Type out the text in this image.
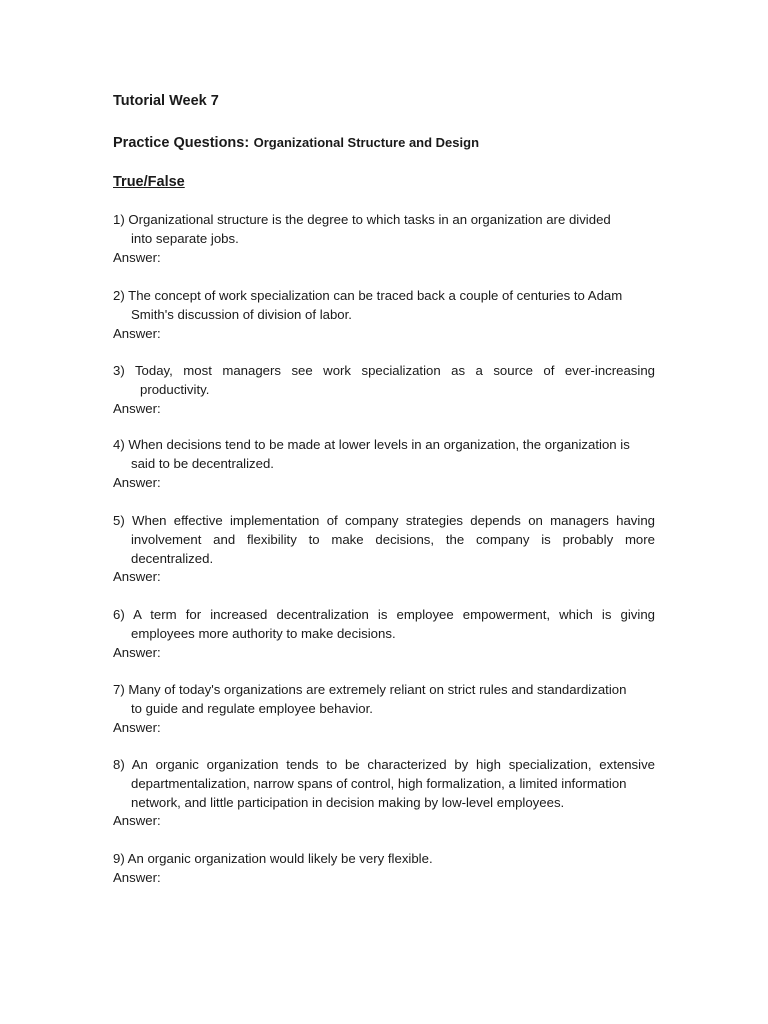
Tutorial Week 7
Practice Questions: Organizational Structure and Design
True/False
1) Organizational structure is the degree to which tasks in an organization are divided
into separate jobs.
Answer:
2) The concept of work specialization can be traced back a couple of centuries to Adam
Smith's discussion of division of labor.
Answer:
3) Today, most managers see work specialization as a source of ever-increasing
productivity.
Answer:
4) When decisions tend to be made at lower levels in an organization, the organization is
said to be decentralized.
Answer:
5) When effective implementation of company strategies depends on managers having
involvement and flexibility to make decisions, the company is probably more
decentralized.
Answer:
6) A term for increased decentralization is employee empowerment, which is giving
employees more authority to make decisions.
Answer:
7) Many of today's organizations are extremely reliant on strict rules and standardization
to guide and regulate employee behavior.
Answer:
8) An organic organization tends to be characterized by high specialization, extensive
departmentalization, narrow spans of control, high formalization, a limited information
network, and little participation in decision making by low-level employees.
Answer:
9) An organic organization would likely be very flexible.
Answer:
